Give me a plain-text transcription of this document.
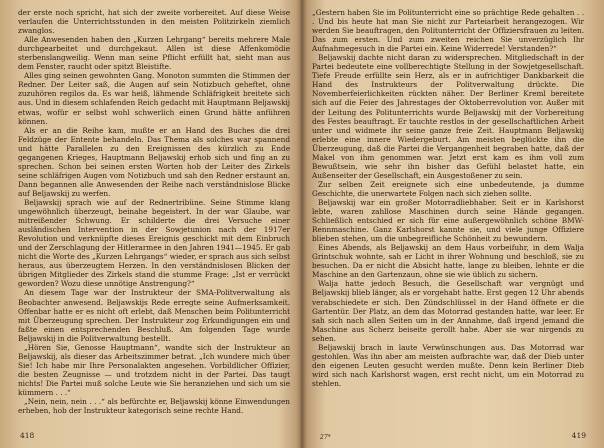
der erste noch spricht, hat sich der zweite vorbereitet. Auf diese Weise verlaufen die Unterrichtsstunden in den meisten Politzirkeln ziemlich zwanglos.

Alle Anwesenden haben den „Kurzen Lehrgang“ bereits mehrere Male durchgearbeitet und durchgekaut. Allen ist diese Affenkomödie sterbenslangweilig. Wenn man seine Pflicht erfüllt hat, sieht man aus dem Fenster, raucht oder spitzt Bleistifte.

Alles ging seinen gewohnten Gang. Monoton summten die Stimmen der Redner. Der Leiter saß, die Augen auf sein Notizbuch geheftet, ohne zuzuhören regilos da. Es war heiß, lähmende Schläfrigkeit breitete sich aus. Und in diesem schlafenden Reich gedacht mit Hauptmann Beljawskij etwas, wofür er selbst wohl schwerlich einen Grund hätte anführen können.

Als er an die Reihe kam, mußte er an Hand des Buches die drei Feldzüge der Entente behandeln. Das Thema als solches war spannend und hätte Parallelen zu den Ereignissen des kürzlich zu Ende gegangenen Krieges, Hauptmann Beljawskij erhob sich und fing an zu sprechen. Schon bei seinen ersten Worten hob der Leiter des Zirkels seine schläfrigen Augen vom Notizbuch und sah den Redner erstaunt an. Dann begannen alle Anwesenden der Reihe nach verständnislose Blicke auf Beljawskij zu werfen.

Beljawskij sprach wie auf der Rednertribüne. Seine Stimme klang ungewöhnlich überzeugt, beinahe begeistert. In der war Glaube, war mitreißender Schwung. Er schilderte die drei Versuche einer ausländischen Intervention in der Sowjetunion nach der 1917er Revolution und verknüpfte dieses Ereignis geschickt mit dem Einbruch und der Zerschlagung der Hitlerarmee in den Jahren 1941—1945. Er gab nicht die Worte des „Kurzen Lehrgangs“ wieder, er sprach aus sich selbst heraus, aus überzeugtem Herzen. In den verständnislosen Blicken der übrigen Mitglieder des Zirkels stand die stumme Frage: „Ist er verrückt geworden? Wozu diese unnötige Anstrengung?“

An diesem Tage war der Instrukteur der SMA-Politverwaltung als Beobachter anwesend. Beljawskijs Rede erregte seine Aufmerksamkeit. Offenbar hatte er es nicht oft erlebt, daß Menschen beim Politunterricht mit Überzeugung sprechen. Der Instrukteur zog Erkundigungen ein und faßte einen entsprechenden Beschluß. Am folgenden Tage wurde Beljawskij in die Politverwaltung bestellt.

„Hören Sie, Genosse Hauptmann“, wandte sich der Instrukteur an Beljawskij, als dieser das Arbeitszimmer betrat. „Ich wundere mich über Sie! Ich habe mir Ihre Personalakten angesehen. Vorbildlicher Offizier, die besten Zeugnisse — und trotzdem nicht in der Partei. Das taugt nichts! Die Partei muß solche Leute wie Sie heranziehen und sich um sie kümmern . . .“

„Nein, nein, nein . . .“ als befürchte er, Beljawskij könne Einwendungen erheben, hob der Instrukteur kategorisch seine rechte Hand.

418

„Gestern haben Sie im Politunterricht eine so prächtige Rede gehalten . . . Und bis heute hat man Sie nicht zur Parteiarbeit herangezogen. Wir werden Sie beauftragen, den Politunterricht der Offiziersfrauen zu leiten. Das zum ersten. Und zum zweiten reichen Sie unverzüglich Ihr Aufnahmegesuch in die Partei ein. Keine Widerrede! Verstanden?“

Beljawskij dachte nicht daran zu widersprechen. Mitgliedschaft in der Partei bedeutete eine vollberechtigte Stellung in der Sowjetgesellschaft. Tiefe Freude erfüllte sein Herz, als er in aufrichtiger Dankbarkeit die Hand des Instrukteurs der Politverwaltung drückte. Die Novemberfeierlichkeiten rückten näher. Der Berliner Kreml bereitete sich auf die Feier des Jahrestages der Oktoberrevolution vor. Außer mit der Leitung des Politunterrichts wurde Beljawskij mit der Vorbereitung des Festes beauftragt. Er tauchte restlos in der gesellschaftlichen Arbeit unter und widmete ihr seine ganze freie Zeit. Hauptmann Beljawskij erlebte eine innere Wiedergeburt. Am meisten beglückte ihn die Überzeugung, daß die Partei die Vergangenheit begraben hatte, daß der Makel von ihm genommen war. Jetzt erst kam es ihm voll zum Bewußtsein, wie sehr ihn bisher das Gefühl belastet hatte, ein Außenseiter der Gesellschaft, ein Ausgestoßener zu sein.

Zur selben Zeit ereignete sich eine unbedeutende, ja dumme Geschichte, die unerwartete Folgen nach sich ziehen sollte.

Beljawskij war ein großer Motorradliebhaber. Seit er in Karlshorst lebte, waren zahllose Maschinen durch seine Hände gegangen. Schließlich entschied er sich für eine außergewöhnlich schöne BMW-Rennmaschine. Ganz Karlshorst kannte sie, und viele junge Offiziere blieben stehen, um die unbegreifliche Schönheit zu bewundern.

Eines Abends, als Beljawskij an dem Haus vorbeifuhr, in dem Walja Grintschuk wohnte, sah er Licht in ihrer Wohnung und beschloß, sie zu besuchen. Da er nicht die Absicht hatte, lange zu bleiben, lehnte er die Maschine an den Gartenzaun, ohne sie wie üblich zu sichern.

Walja hatte jedoch Besuch, die Gesellschaft war vergnügt und Beljawskij blieb länger, als er vorgehabt hatte. Erst gegen 12 Uhr abends verabschiedete er sich. Den Zündschlüssel in der Hand öffnete er die Gartentür. Der Platz, an dem das Motorrad gestanden hatte, war leer. Er sah sich nach allen Seiten um in der Annahme, daß irgend jemand die Maschine aus Scherz beiseite gerollt habe. Aber sie war nirgends zu sehen.

Beljawskij brach in laute Verwünschungen aus. Das Motorrad war gestohlen. Was ihn aber am meisten aufbrachte war, daß der Dieb unter den eigenen Leuten gesucht werden mußte. Denn kein Berliner Dieb wird sich nach Karlshorst wagen, erst recht nicht, um ein Motorrad zu stehlen.

27*	419
